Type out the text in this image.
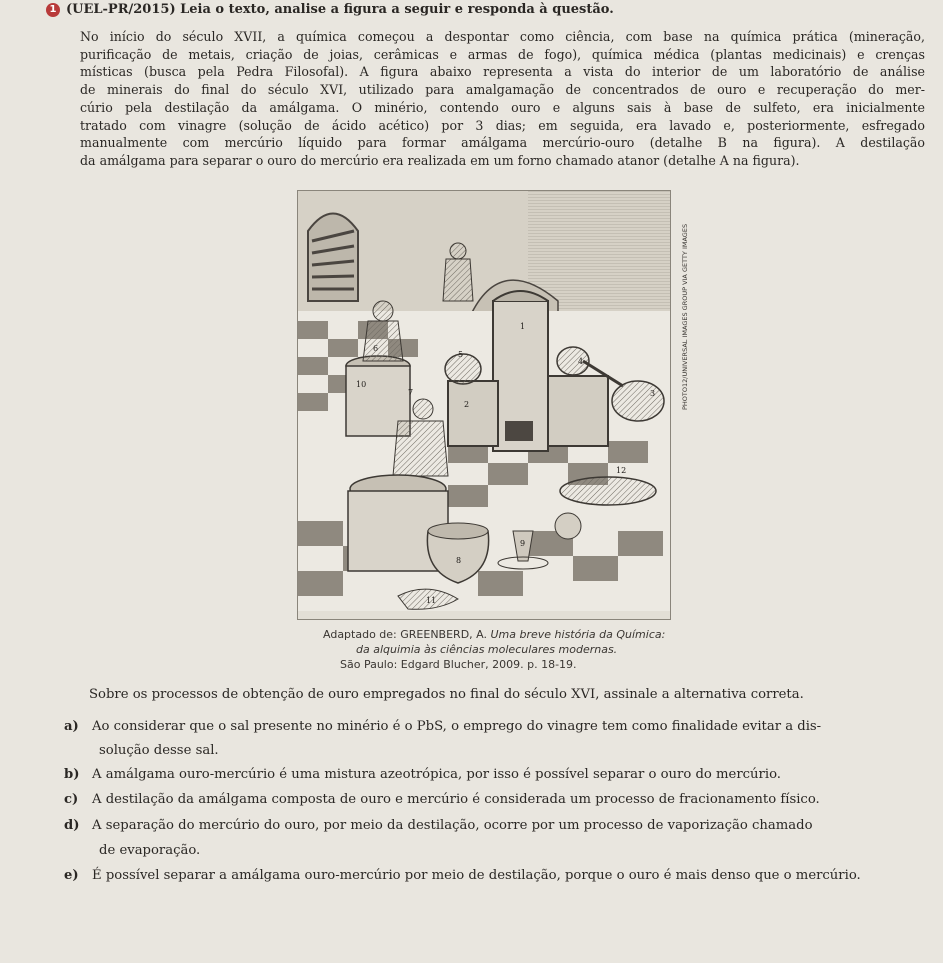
1 (UEL-PR/2015) Leia o texto, analise a figura a seguir e responda à questão.
No início do século XVII, a química começou a despontar como ciência, com base na química prática (mineração,
purificação de metais, criação de joias, cerâmicas e armas de fogo), química médica (plantas medicinais) e crenças
místicas (busca pela Pedra Filosofal). A figura abaixo representa a vista do interior de um laboratório de análise
de minerais do final do século XVI, utilizado para amalgamação de concentrados de ouro e recuperação do mer-
cúrio pela destilação da amálgama. O minério, contendo ouro e alguns sais à base de sulfeto, era inicialmente
tratado com vinagre (solução de ácido acético) por 3 dias; em seguida, era lavado e, posteriormente, esfregado
manualmente com mercúrio líquido para formar amálgama mercúrio-ouro (detalhe B na figura). A destilação
da amálgama para separar o ouro do mercúrio era realizada em um forno chamado atanor (detalhe A na figura).
1
5
2
4
3
12
7
9
8
11
6
10	PHOTO12/UNIVERSAL IMAGES GROUP VIA GETTY IMAGES
Adaptado de: GREENBERD, A. Uma breve história da Química:
da alquimia às ciências moleculares modernas.
São Paulo: Edgard Blucher, 2009. p. 18-19.
Sobre os processos de obtenção de ouro empregados no final do século XVI, assinale a alternativa correta.
a) Ao considerar que o sal presente no minério é o PbS, o emprego do vinagre tem como finalidade evitar a dis-
solução desse sal.
b) A amálgama ouro-mercúrio é uma mistura azeotrópica, por isso é possível separar o ouro do mercúrio.
c) A destilação da amálgama composta de ouro e mercúrio é considerada um processo de fracionamento físico.
d) A separação do mercúrio do ouro, por meio da destilação, ocorre por um processo de vaporização chamado
de evaporação.
e) É possível separar a amálgama ouro-mercúrio por meio de destilação, porque o ouro é mais denso que o mercúrio.
